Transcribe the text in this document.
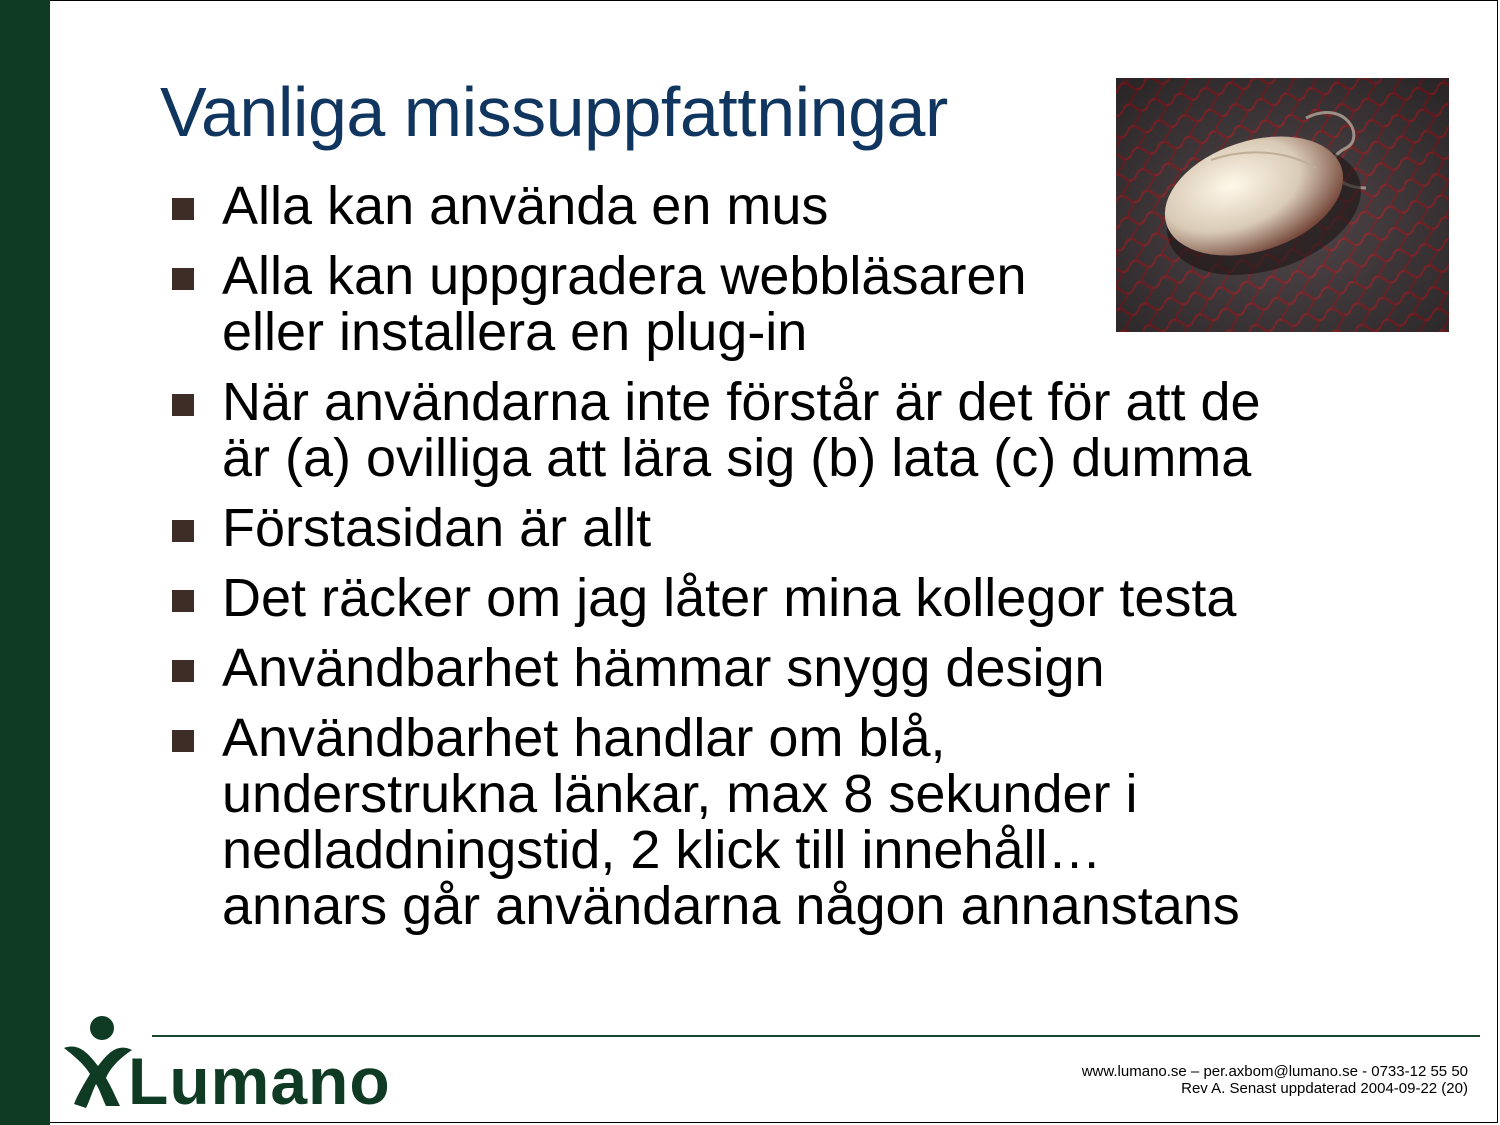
Vanliga missuppfattningar
Alla kan använda en mus
Alla kan uppgradera webbläsaren
eller installera en plug-in
När användarna inte förstår är det för att de
är (a) ovilliga att lära sig (b) lata (c) dumma
Förstasidan är allt
Det räcker om jag låter mina kollegor testa
Användbarhet hämmar snygg design
Användbarhet handlar om blå,
understrukna länkar, max 8 sekunder i
nedladdningstid, 2 klick till innehåll…
annars går användarna någon annanstans
Lumano	www.lumano.se – per.axbom@lumano.se - 0733-12 55 50
Rev A. Senast uppdaterad 2004-09-22 (20)
